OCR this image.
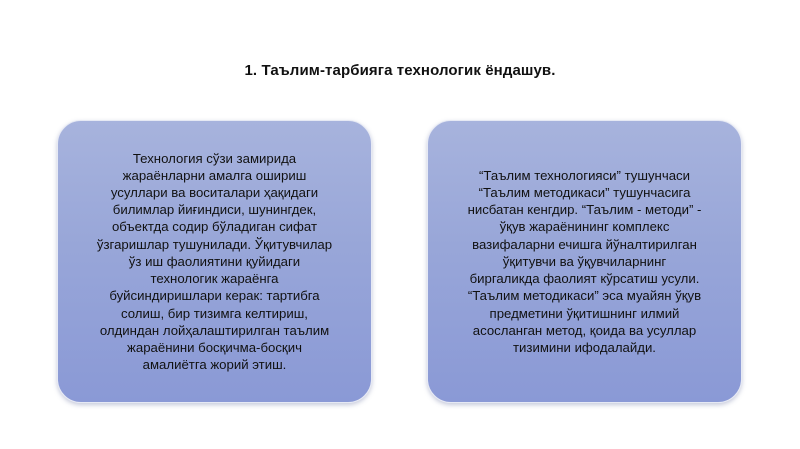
1. Таълим-тарбияга технологик ёндашув.
Технология сўзи замирида
жараёнларни амалга ошириш
усуллари ва воситалари ҳақидаги
билимлар йиғиндиси, шунингдек,
объектда содир бўладиган сифат
ўзгаришлар тушунилади. Ўқитувчилар
ўз иш фаолиятини қуйидаги
технологик жараёнга
буйсиндиришлари керак: тартибга
солиш, бир тизимга келтириш,
олдиндан лойҳалаштирилган таълим
жараёнини босқичма-босқич
амалиётга жорий этиш.
“Таълим технологияси” тушунчаси
“Таълим методикаси” тушунчасига
нисбатан кенгдир. “Таълим - методи” -
ўқув жараёнининг комплекс
вазифаларни ечишга йўналтирилган
ўқитувчи ва ўқувчиларнинг
биргаликда фаолият кўрсатиш усули.
“Таълим методикаси” эса муайян ўқув
предметини ўқитишнинг илмий
асосланган метод, қоида ва усуллар
тизимини ифодалайди.
